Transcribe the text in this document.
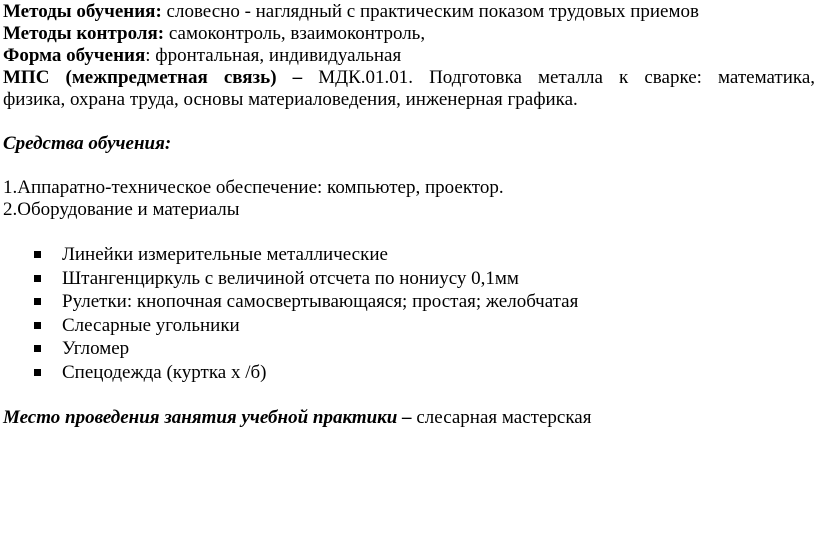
Методы обучения: словесно - наглядный с практическим показом трудовых приемов
Методы контроля: самоконтроль, взаимоконтроль,
Форма обучения: фронтальная, индивидуальная
МПС (межпредметная связь) – МДК.01.01. Подготовка металла к сварке: математика,
физика, охрана труда, основы материаловедения, инженерная графика.
Средства обучения:
1.Аппаратно-техническое обеспечение: компьютер, проектор.
2.Оборудование и материалы
Линейки измерительные металлические
Штангенциркуль с величиной отсчета по нониусу 0,1мм
Рулетки: кнопочная самосвертывающаяся; простая; желобчатая
Слесарные угольники
Угломер
Спецодежда (куртка х /б)
Место проведения занятия учебной практики – слесарная мастерская
